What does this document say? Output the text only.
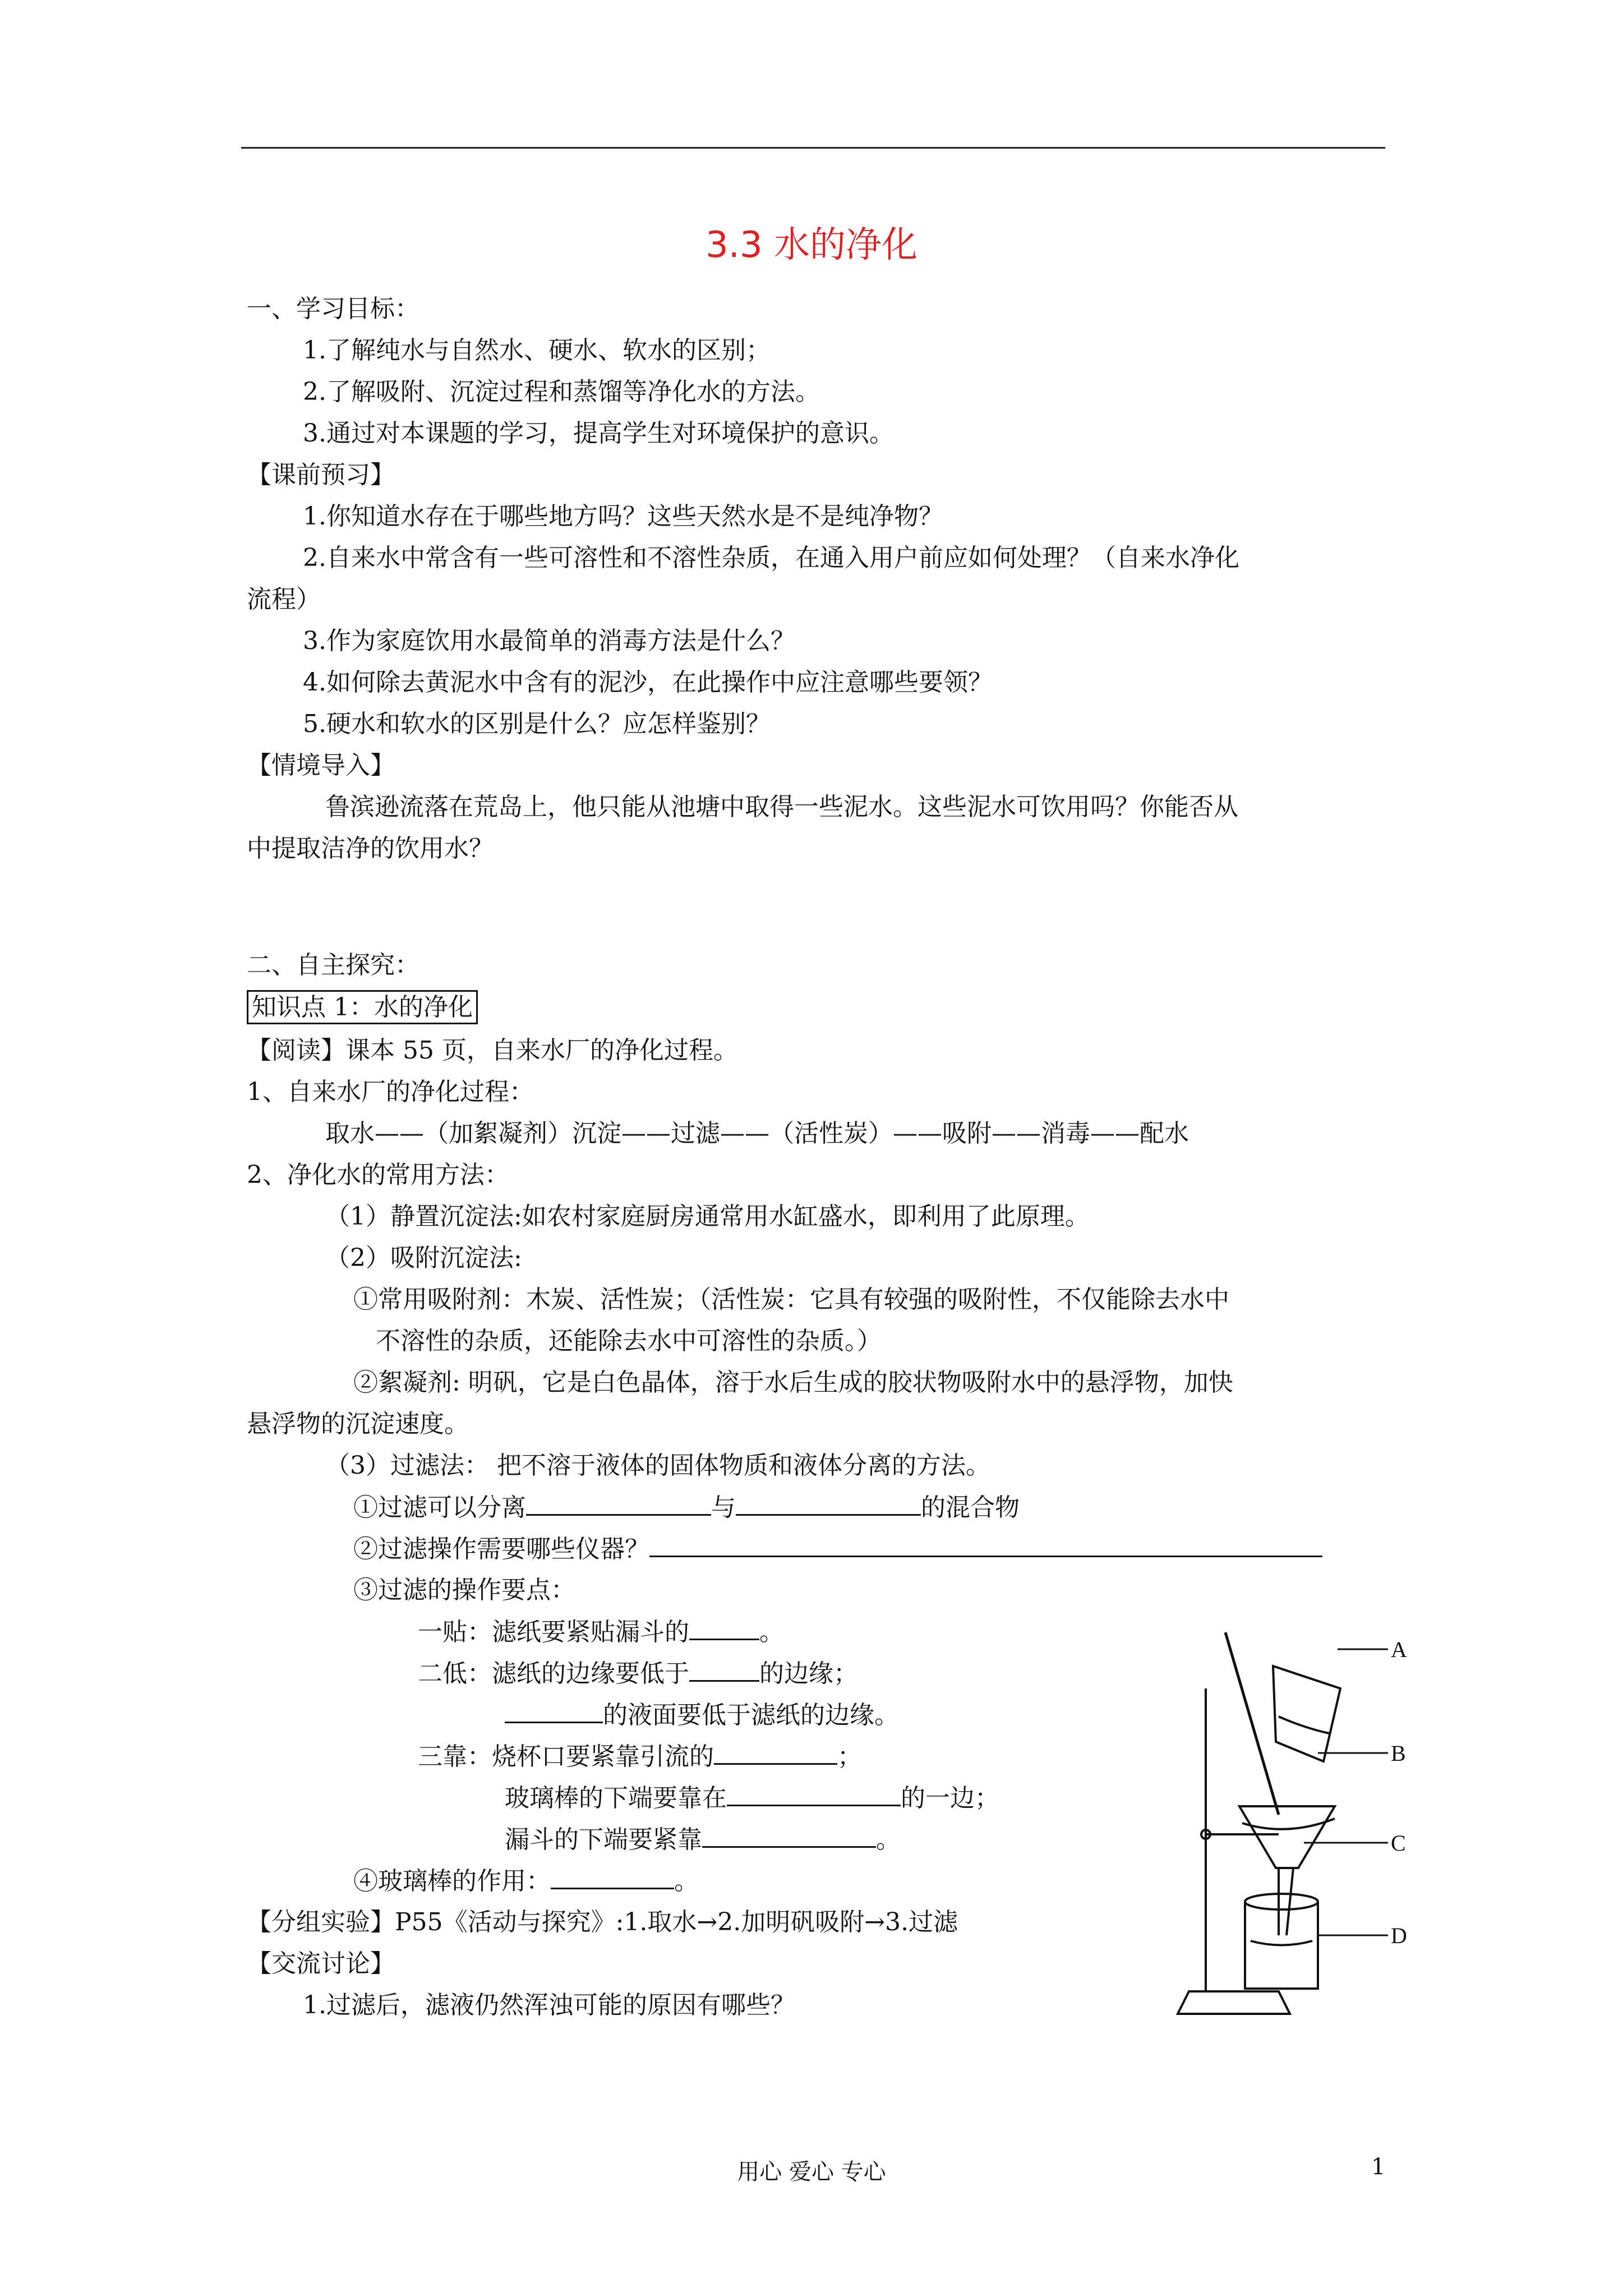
3.3 水的净化
一、学习目标：
1.了解纯水与自然水、硬水、软水的区别；
2.了解吸附、沉淀过程和蒸馏等净化水的方法。
3.通过对本课题的学习，提高学生对环境保护的意识。
【课前预习】
1.你知道水存在于哪些地方吗？这些天然水是不是纯净物？
2.自来水中常含有一些可溶性和不溶性杂质，在通入用户前应如何处理？（自来水净化
流程）
3.作为家庭饮用水最简单的消毒方法是什么？
4.如何除去黄泥水中含有的泥沙，在此操作中应注意哪些要领？
5.硬水和软水的区别是什么？应怎样鉴别？
【情境导入】
鲁滨逊流落在荒岛上，他只能从池塘中取得一些泥水。这些泥水可饮用吗？你能否从
中提取洁净的饮用水？
二、自主探究：
知识点 1：水的净化
【阅读】课本 55 页，自来水厂的净化过程。
1、自来水厂的净化过程：
取水——（加絮凝剂）沉淀——过滤——（活性炭）——吸附——消毒——配水
2、净化水的常用方法：
（1）静置沉淀法:如农村家庭厨房通常用水缸盛水，即利用了此原理。
（2）吸附沉淀法:
①常用吸附剂：木炭、活性炭；（活性炭：它具有较强的吸附性，不仅能除去水中
不溶性的杂质，还能除去水中可溶性的杂质。）
②絮凝剂: 明矾，它是白色晶体，溶于水后生成的胶状物吸附水中的悬浮物，加快
悬浮物的沉淀速度。
（3）过滤法： 把不溶于液体的固体物质和液体分离的方法。
①过滤可以分离	与	的混合物
②过滤操作需要哪些仪器？
③过滤的操作要点：
一贴：滤纸要紧贴漏斗的	。
二低：滤纸的边缘要低于	的边缘；
的液面要低于滤纸的边缘。
三靠：烧杯口要紧靠引流的	；
玻璃棒的下端要靠在	的一边；
漏斗的下端要紧靠	。
④玻璃棒的作用：	。
【分组实验】P55《活动与探究》:1.取水→2.加明矾吸附→3.过滤
【交流讨论】
1.过滤后，滤液仍然浑浊可能的原因有哪些？
A
B
C
D
用心 爱心 专心	1
